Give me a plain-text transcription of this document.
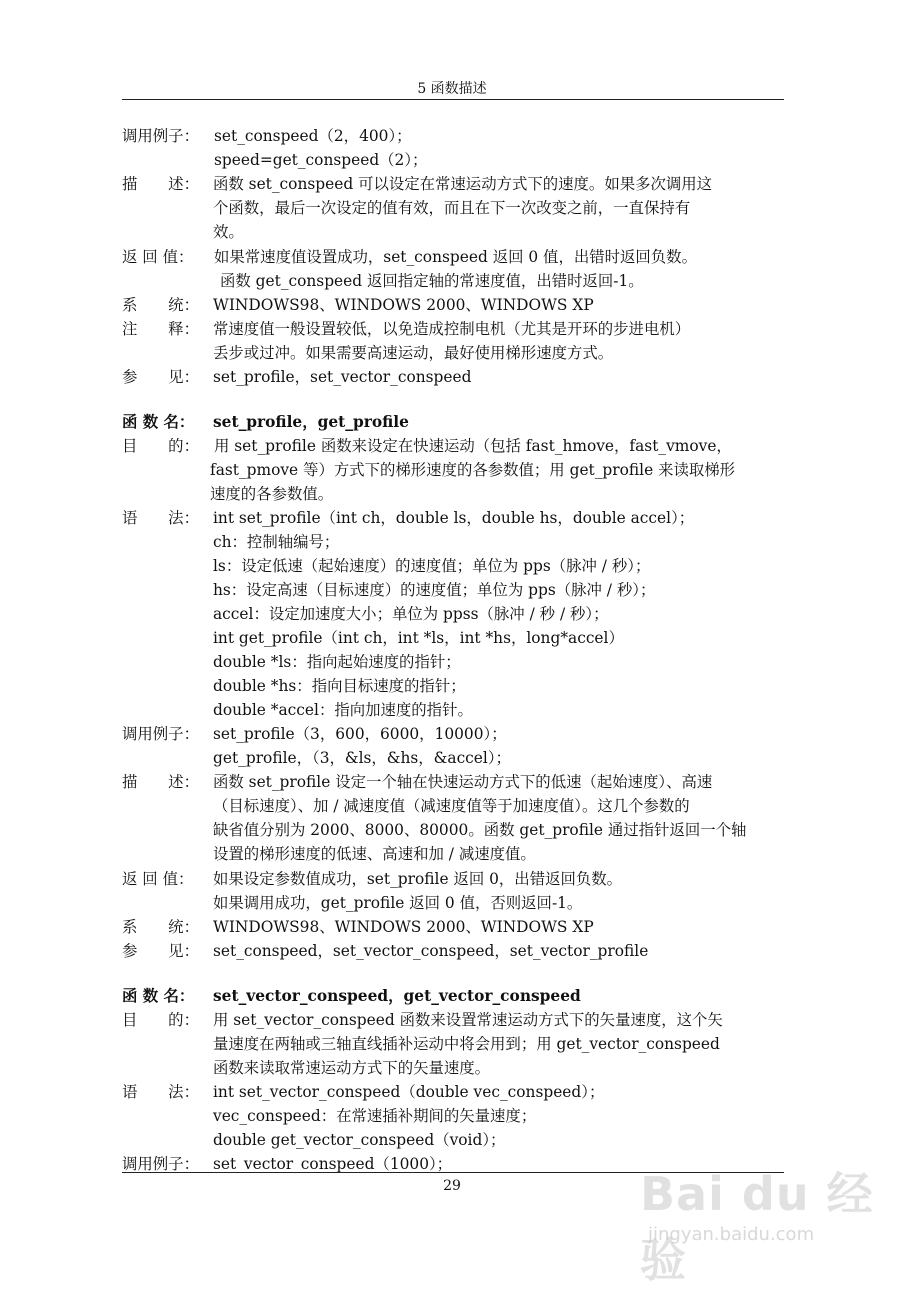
5 函数描述
调用例子： set_conspeed（2，400）；
speed=get_conspeed（2）；
描　　述： 函数 set_conspeed 可以设定在常速运动方式下的速度。如果多次调用这
个函数，最后一次设定的值有效，而且在下一次改变之前，一直保持有
效。
返 回 值：	如果常速度值设置成功，set_conspeed 返回 0 值，出错时返回负数。
函数 get_conspeed 返回指定轴的常速度值，出错时返回-1。
系　　统： WINDOWS98、WINDOWS 2000、WINDOWS XP
注　　释： 常速度值一般设置较低，以免造成控制电机（尤其是开环的步进电机）
丢步或过冲。如果需要高速运动，最好使用梯形速度方式。
参　　见： set_profile，set_vector_conspeed
函 数 名：	set_profile，get_profile
目　　的： 用 set_profile 函数来设定在快速运动（包括 fast_hmove，fast_vmove，
fast_pmove 等）方式下的梯形速度的各参数值；用 get_profile 来读取梯形
速度的各参数值。
语　　法： int set_profile（int ch，double ls，double hs，double accel）；
ch：控制轴编号；
ls：设定低速（起始速度）的速度值；单位为 pps（脉冲 / 秒）；
hs：设定高速（目标速度）的速度值；单位为 pps（脉冲 / 秒）；
accel：设定加速度大小；单位为 ppss（脉冲 / 秒 / 秒）；
int get_profile（int ch，int *ls，int *hs，long*accel）
double *ls：指向起始速度的指针；
double *hs：指向目标速度的指针；
double *accel：指向加速度的指针。
调用例子： set_profile（3，600，6000，10000）；
get_profile，（3，&ls，&hs，&accel）；
描　　述： 函数 set_profile 设定一个轴在快速运动方式下的低速（起始速度）、高速
（目标速度）、加 / 减速度值（减速度值等于加速度值）。这几个参数的
缺省值分别为 2000、8000、80000。函数 get_profile 通过指针返回一个轴
设置的梯形速度的低速、高速和加 / 减速度值。
返 回 值：	如果设定参数值成功，set_profile 返回 0，出错返回负数。
如果调用成功，get_profile 返回 0 值，否则返回-1。
系　　统： WINDOWS98、WINDOWS 2000、WINDOWS XP
参　　见： set_conspeed，set_vector_conspeed，set_vector_profile
函 数 名：	set_vector_conspeed，get_vector_conspeed
目　　的： 用 set_vector_conspeed 函数来设置常速运动方式下的矢量速度，这个矢
量速度在两轴或三轴直线插补运动中将会用到；用 get_vector_conspeed
函数来读取常速运动方式下的矢量速度。
语　　法： int set_vector_conspeed（double vec_conspeed）；
vec_conspeed：在常速插补期间的矢量速度；
double get_vector_conspeed（void）；
调用例子： set_vector_conspeed（1000）；
29	Bai du 经验
jingyan.baidu.com
